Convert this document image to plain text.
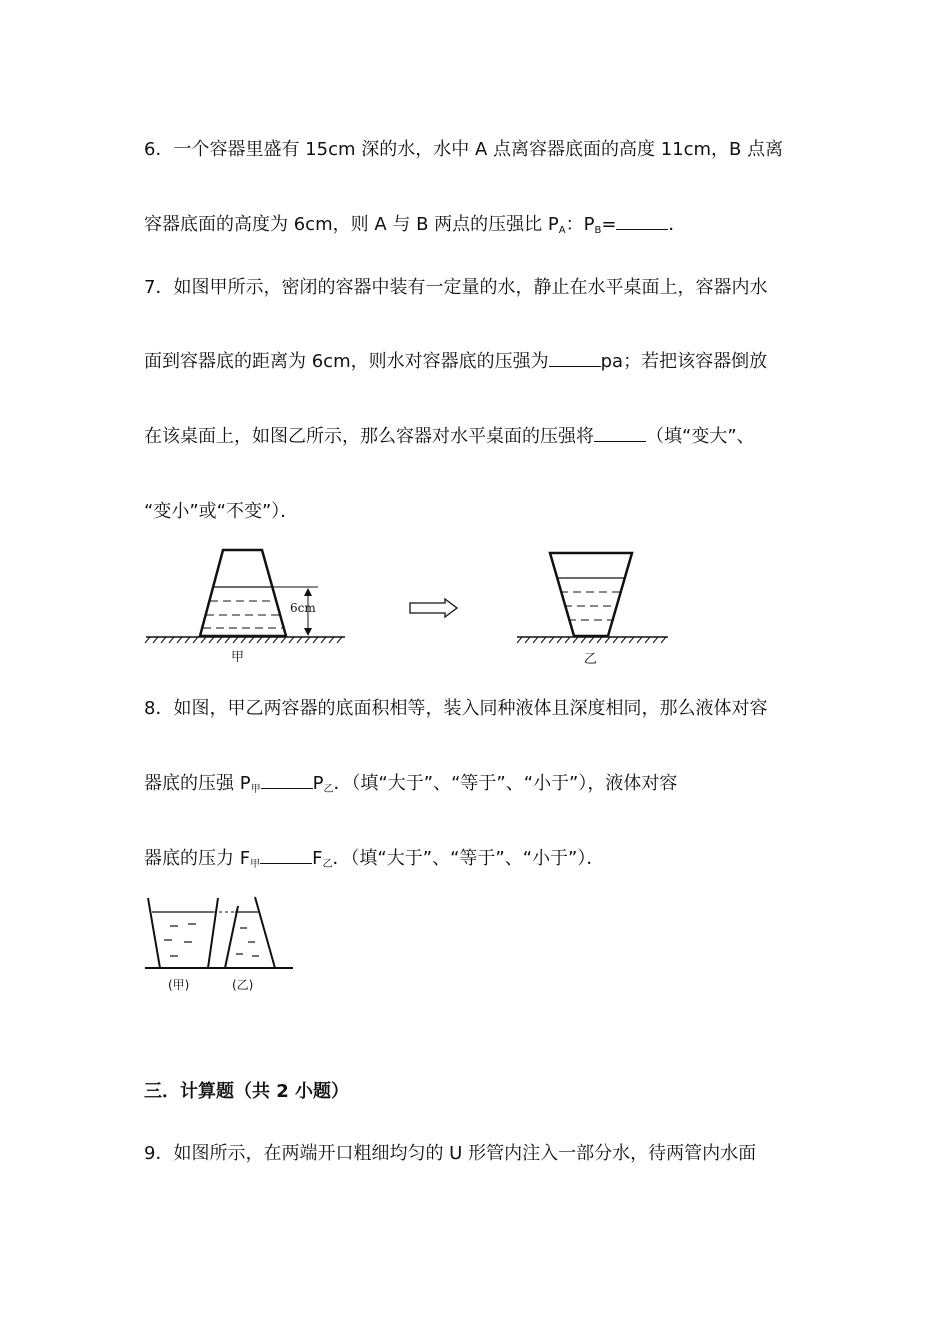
6．一个容器里盛有 15cm 深的水，水中 A 点离容器底面的高度 11cm，B 点离
容器底面的高度为 6cm，则 A 与 B 两点的压强比 PA：PB=	．
7．如图甲所示，密闭的容器中装有一定量的水，静止在水平桌面上，容器内水
面到容器底的距离为 6cm，则水对容器底的压强为	pa；若把该容器倒放
在该桌面上，如图乙所示，那么容器对水平桌面的压强将	（填“变大”、
“变小”或“不变”）．
6cm
甲	乙
8．如图，甲乙两容器的底面积相等，装入同种液体且深度相同，那么液体对容
器底的压强 P甲	P乙．（填“大于”、“等于”、“小于”），液体对容
器底的压力 F甲	F乙．（填“大于”、“等于”、“小于”）．
(甲)	(乙)
三．计算题（共 2 小题）
9．如图所示，在两端开口粗细均匀的 U 形管内注入一部分水，待两管内水面
